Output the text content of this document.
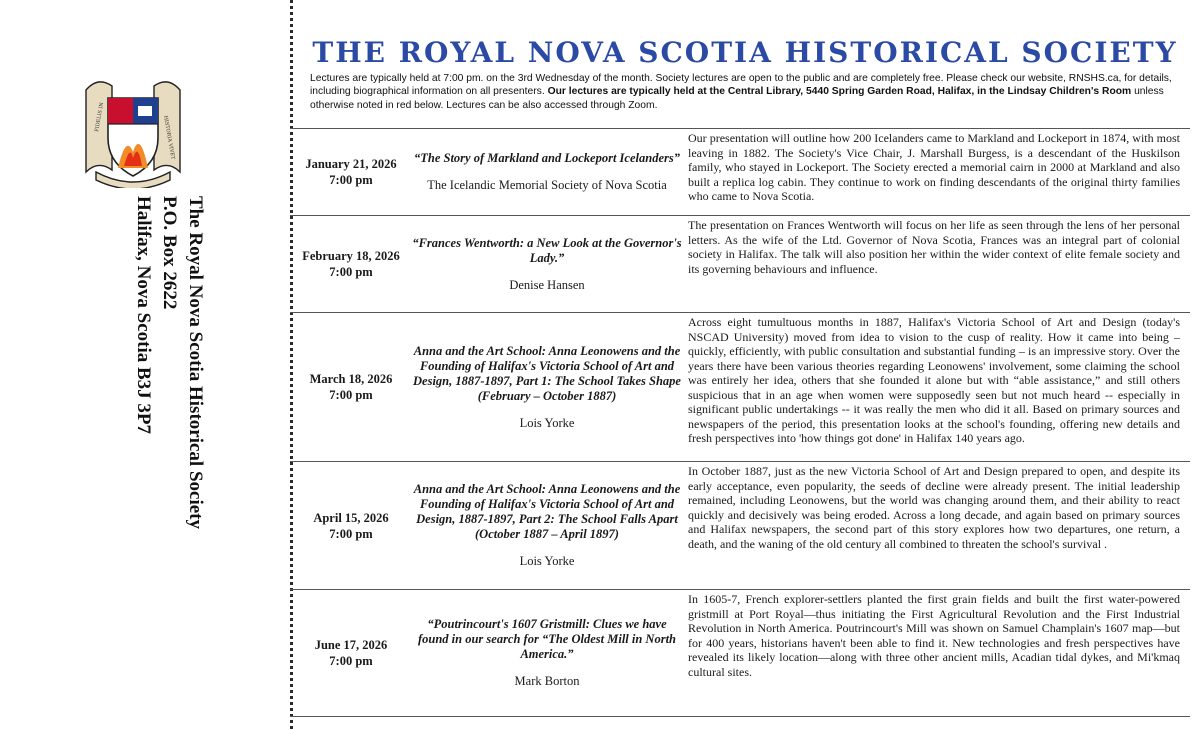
FIDELIS IN	HISTORIA VIVET
The Royal Nova Scotia Historical Society
P.O. Box 2622
Halifax, Nova Scotia B3J 3P7
THE ROYAL NOVA SCOTIA HISTORICAL SOCIETY
Lectures are typically held at 7:00 pm. on the 3rd Wednesday of the month. Society lectures are open to the public and are completely free. Please check our website, RNSHS.ca, for details, including biographical information on all presenters. Our lectures are typically held at the Central Library, 5440 Spring Garden Road, Halifax, in the Lindsay Children's Room unless otherwise noted in red below. Lectures can be also accessed through Zoom.
January 21, 2026
7:00 pm
“The Story of Markland and Lockeport Icelanders”
The Icelandic Memorial Society of Nova Scotia
Our presentation will outline how 200 Icelanders came to Markland and Lockeport in 1874, with most leaving in 1882. The Society's Vice Chair, J. Marshall Burgess, is a descendant of the Huskilson family, who stayed in Lockeport. The Society erected a memorial cairn in 2000 at Markland and also built a replica log cabin. They continue to work on finding descendants of the original thirty families who came to Nova Scotia.
February 18, 2026
7:00 pm
“Frances Wentworth: a New Look at the Governor's Lady.”
Denise Hansen
The presentation on Frances Wentworth will focus on her life as seen through the lens of her personal letters. As the wife of the Ltd. Governor of Nova Scotia, Frances was an integral part of colonial society in Halifax. The talk will also position her within the wider context of elite female society and its governing behaviours and influence.
March 18, 2026
7:00 pm
Anna and the Art School: Anna Leonowens and the Founding of Halifax's Victoria School of Art and Design, 1887-1897, Part 1: The School Takes Shape (February – October 1887)
Lois Yorke
Across eight tumultuous months in 1887, Halifax's Victoria School of Art and Design (today's NSCAD University) moved from idea to vision to the cusp of reality. How it came into being – quickly, efficiently, with public consultation and substantial funding – is an impressive story. Over the years there have been various theories regarding Leonowens' involvement, some claiming the school was entirely her idea, others that she founded it alone but with “able assistance,” and still others suspicious that in an age when women were supposedly seen but not much heard -- especially in significant public undertakings -- it was really the men who did it all. Based on primary sources and newspapers of the period, this presentation looks at the school's founding, offering new details and fresh perspectives into 'how things got done' in Halifax 140 years ago.
April 15, 2026
7:00 pm
Anna and the Art School: Anna Leonowens and the Founding of Halifax's Victoria School of Art and Design, 1887-1897, Part 2: The School Falls Apart (October 1887 – April 1897)
Lois Yorke
In October 1887, just as the new Victoria School of Art and Design prepared to open, and despite its early acceptance, even popularity, the seeds of decline were already present. The initial leadership remained, including Leonowens, but the world was changing around them, and their ability to react quickly and decisively was being eroded. Across a long decade, and again based on primary sources and Halifax newspapers, the second part of this story explores how two departures, one return, a death, and the waning of the old century all combined to threaten the school's survival .
June 17, 2026
7:00 pm
“Poutrincourt's 1607 Gristmill: Clues we have found in our search for “The Oldest Mill in North America.”
Mark Borton
In 1605-7, French explorer-settlers planted the first grain fields and built the first water-powered gristmill at Port Royal—thus initiating the First Agricultural Revolution and the First Industrial Revolution in North America. Poutrincourt's Mill was shown on Samuel Champlain's 1607 map—but for 400 years, historians haven't been able to find it. New technologies and fresh perspectives have revealed its likely location—along with three other ancient mills, Acadian tidal dykes, and Mi'kmaq cultural sites.
